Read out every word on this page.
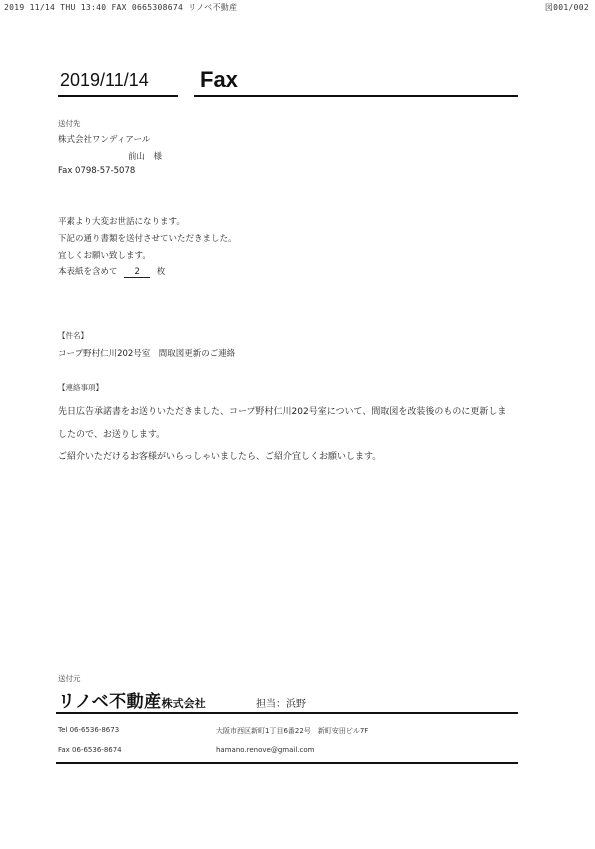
2019 11/14 THU 13:40 FAX 0665308674 リノベ不動産	図001/002
2019/11/14 Fax
送付先
株式会社ワンディアール
前山　様
Fax 0798-57-5078
平素より大変お世話になります。
下記の通り書類を送付させていただきました。
宜しくお願い致します。
本表紙を含めて 2 枚
【件名】
コープ野村仁川202号室　間取図更新のご連絡
【連絡事項】
先日広告承諾書をお送りいただきました、コープ野村仁川202号室について、間取図を改装後のものに更新しま
したので、お送りします。
ご紹介いただけるお客様がいらっしゃいましたら、ご紹介宜しくお願いします。
送付元
リノベ不動産株式会社	担当：浜野
Tel 06-6536-8673	大阪市西区新町1丁目6番22号　新町安田ビル7F
Fax 06-6536-8674	hamano.renove@gmail.com
